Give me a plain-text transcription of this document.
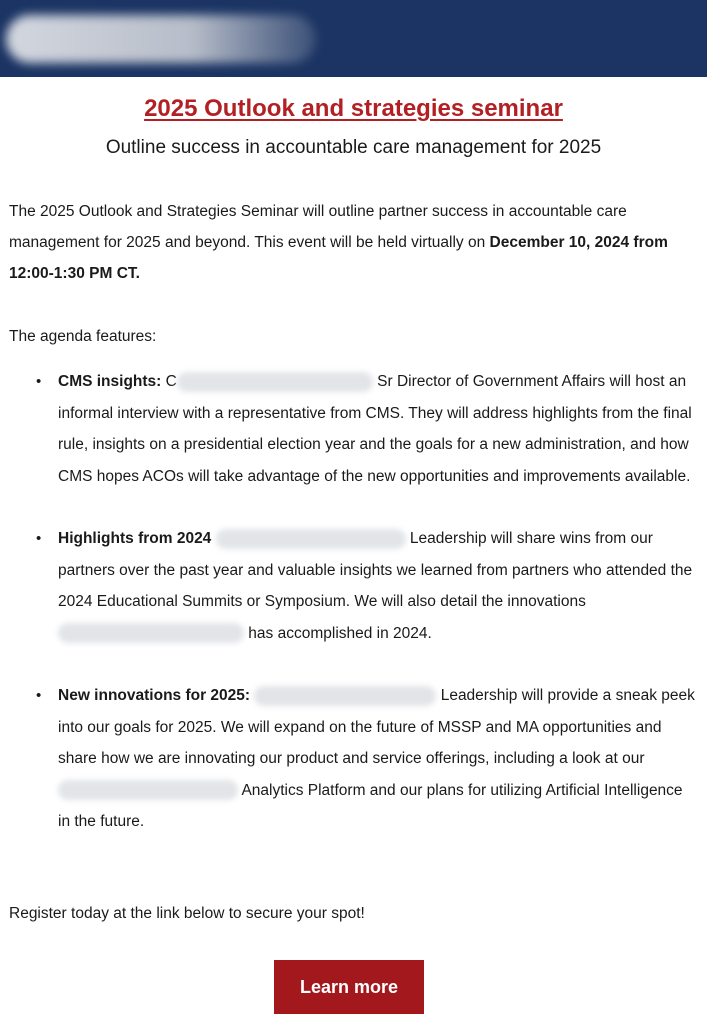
2025 Outlook and strategies seminar
Outline success in accountable care management for 2025

The 2025 Outlook and Strategies Seminar will outline partner success in accountable care management for 2025 and beyond. This event will be held virtually on December 10, 2024 from 12:00-1:30 PM CT.

The agenda features:
• CMS insights: C	Sr Director of Government Affairs will host an informal interview with a representative from CMS. They will address highlights from the final rule, insights on a presidential election year and the goals for a new administration, and how CMS hopes ACOs will take advantage of the new opportunities and improvements available.
• Highlights from 2024	Leadership will share wins from our partners over the past year and valuable insights we learned from partners who attended the 2024 Educational Summits or Symposium. We will also detail the innovations  has accomplished in 2024.
• New innovations for 2025:	Leadership will provide a sneak peek into our goals for 2025. We will expand on the future of MSSP and MA opportunities and share how we are innovating our product and service offerings, including a look at our  Analytics Platform and our plans for utilizing Artificial Intelligence in the future.
Register today at the link below to secure your spot!
Learn more
